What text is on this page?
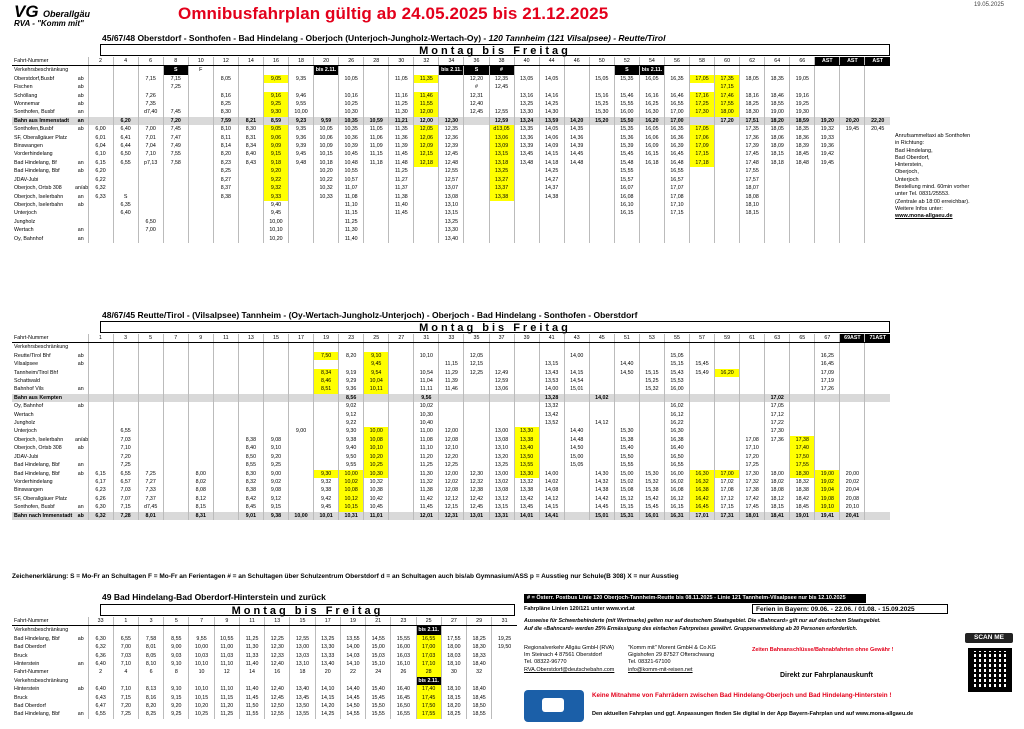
VG Oberallgäu
RVA - "Komm mit"
Omnibusfahrplan gültig ab 24.05.2025 bis 21.12.2025	19.05.2025
45/67/48 Oberstdorf - Sonthofen - Bad Hindelang - Oberjoch (Unterjoch-Jungholz-Wertach-Oy) - 120 Tannheim (121 Vilsalpsee) - Reutte/Tirol
Montag bis Freitag
Fahrt-Nummer		2	4	6	8	10	12	14	16	18	20	26	28	30	32	34	36	38	40	44	46	50	52	54	56	58	60	62	64	66	AST	AST	AST
Verkehrsbeschränkung					S	F					bis 2.11.					bis 2.11.	S	#					S	bis 2.11.									
Oberstdorf,Busbf	ab			7,15	7,15		8,05		9,05	9,35		10,05		11,05	11,35		12,20	12,35	13,05	14,05		15,05	15,35	16,05	16,35	17,05	17,35	18,05	18,35	19,05			
Fischen	ab				7,25												#	12,45									17,15						
Schöllang	ab			7,26			8,16		9,16	9,46		10,16		11,16	11,46		12,31		13,16	14,16		15,16	15,46	16,16	16,46	17,16	17,46	18,16	18,46	19,16			
Wonnemar	ab			7,35			8,25		9,25	9,55		10,25		11,25	11,55		12,40		13,25	14,25		15,25	15,55	16,25	16,55	17,25	17,55	18,25	18,55	19,25			
Sonthofen, Busbf	an			d7,40	7,45		8,30		9,30	10,00		10,30		11,30	12,00		12,45	12,55	13,30	14,30		15,30	16,00	16,30	17,00	17,30	18,00	18,30	19,00	19,30			
Bahn aus Immenstadt	an		6,20		7,20		7,59	8,21	8,59	9,23	9,59	10,35	10,59	11,21	12,00	12,30		12,59	13,24	13,59	14,20	15,20	15,50	16,20	17,00		17,20	17,51	18,20	18,59	19,20	20,20	22,20
Sonthofen,Busbf	ab	6,00	6,40	7,00	7,45		8,10	8,30	9,05	9,35	10,05	10,35	11,05	11,35	12,05	12,35		d13,05	13,35	14,05	14,35		15,35	16,05	16,35	17,05		17,35	18,05	18,35	19,32	19,45	20,45
SF, Oberallgäuer Platz		6,01	6,41	7,01	7,47		8,11	8,31	9,06	9,36	10,06	10,36	11,06	11,36	12,06	12,36		13,06	13,36	14,06	14,36		15,36	16,06	16,36	17,06		17,36	18,06	18,36	19,33		
Binswangen		6,04	6,44	7,04	7,49		8,14	8,34	9,09	9,39	10,09	10,39	11,09	11,39	12,09	12,39		13,09	13,39	14,09	14,39		15,39	16,09	16,39	17,09		17,39	18,09	18,39	19,36		
Vorderhindelang		6,10	6,50	7,10	7,55		8,20	8,40	9,15	9,45	10,15	10,45	11,15	11,45	12,15	12,45		13,15	13,45	14,15	14,45		15,45	16,15	16,45	17,15		17,45	18,15	18,45	19,42		
Bad Hindelang, Bf	an	6,15	6,55	p7,13	7,58		8,23	8,43	9,18	9,48	10,18	10,48	11,18	11,48	12,18	12,48		13,18	13,48	14,18	14,48		15,48	16,18	16,48	17,18		17,48	18,18	18,48	19,45		
Bad Hindelang, Bbf	ab	6,20					8,25		9,20		10,20	10,55		11,25		12,55		13,25		14,25			15,55		16,55			17,55					
JDAV-Jubi		6,22					8,27		9,22		10,22	10,57		11,27		12,57		13,27		14,27			15,57		16,57			17,57					
Oberjoch, Ortsb 308	an/ab	6,32					8,37		9,32		10,32	11,07		11,37		13,07		13,37		14,37			16,07		17,07			18,07					
Oberjoch, Iselerbahn	an	6,33	S				8,38		9,33		10,33	11,08		11,38		13,08		13,38		14,38			16,08		17,08			18,08					
Oberjoch, Iselerbahn	ab		6,35						9,40			11,10		11,40		13,10							16,10		17,10			18,10					
Unterjoch			6,40						9,45			11,15		11,45		13,15							16,15		17,15			18,15					
Jungholz				6,50					10,00			11,25				13,25																	
Wertach	an			7,00					10,10			11,30				13,30																	
Oy, Bahnhof	an								10,20			11,40				13,40																	
48/67/45 Reutte/Tirol - (Vilsalpsee) Tannheim - (Oy-Wertach-Jungholz-Unterjoch) - Oberjoch - Bad Hindelang - Sonthofen - Oberstdorf
Montag bis Freitag
Fahrt-Nummer		1	3	5	7	9	11	13	15	17	19	23	25	27	31	33	35	37	39	41	43	45	51	53	55	57	59	61	63	65	67	69AST	71AST
Verkehrsbeschränkung																																	
Reutte/Tirol Bhf	ab										7,50	8,20	9,10		10,10		12,05				14,00				15,05						16,25		
Vilsalpsee	ab												9,45			11,15	12,15			13,15			14,40		15,15	15,45					16,45		
Tannheim/Tirol Bhf											8,34	9,19	9,54		10,54	11,29	12,25	12,49		13,43	14,15		14,50	15,15	15,43	15,49	16,20				17,09		
Schattwald											8,46	9,29	10,04		11,04	11,39		12,59		13,53	14,54			15,25	15,53						17,19		
Bahnhof Vils	an										8,51	9,36	10,11		11,11	11,46		13,06		14,00	15,01			15,32	16,00						17,26		
Bahn aus Kempten												8,56			9,56					13,28		14,02							17,02				
Oy, Bahnhof	ab											9,02			10,02					13,32					16,02				17,05				
Wertach												9,12			10,30					13,42					16,12				17,12				
Jungholz												9,22			10,40					13,52		14,12			16,22				17,22				
Unterjoch			6,55							9,00		9,30	10,00		11,00	12,00		13,00	13,30		14,40		15,30		16,30				17,30				
Oberjoch, Iselerbahn	an/ab		7,03					8,38	9,08			9,38	10,08		11,08	12,08		13,08	13,38		14,48		15,38		16,38			17,08	17,36	17,38			
Oberjoch, Ortsb 308	ab		7,10					8,40	9,10			9,40	10,10		11,10	12,10		13,10	13,40		14,50		15,40		16,40			17,10		17,40			
JDAV-Jubi			7,20					8,50	9,20			9,50	10,20		11,20	12,20		13,20	13,50		15,00		15,50		16,50			17,20		17,50			
Bad Hindelang, Bbf	an		7,25					8,55	9,25			9,55	10,25		11,25	12,25		13,25	13,55		15,05		15,55		16,55			17,25		17,55			
Bad Hindelang, Bbf	ab	6,15	6,55	7,25		8,00		8,30	9,00		9,30	10,00	10,30		11,30	12,00	12,30	13,00	13,30	14,00		14,30	15,00	15,30	16,00	16,30	17,00	17,30	18,00	18,30	19,00	20,00	
Vorderhindelang		6,17	6,57	7,27		8,02		8,32	9,02		9,32	10,02	10,32		11,32	12,02	12,32	13,02	13,32	14,02		14,32	15,02	15,32	16,02	16,32	17,02	17,32	18,02	18,32	19,02	20,02	
Binswangen		6,23	7,03	7,33		8,08		8,38	9,08		9,38	10,08	10,38		11,38	12,08	12,38	13,08	13,38	14,08		14,38	15,08	15,38	16,08	16,38	17,08	17,38	18,08	18,38	19,04	20,04	
SF, Oberallgäuer Platz		6,26	7,07	7,37		8,12		8,42	9,12		9,42	10,12	10,42		11,42	12,12	12,42	13,12	13,42	14,12		14,42	15,12	15,42	16,12	16,42	17,12	17,42	18,12	18,42	19,08	20,08	
Sonthofen, Busbf	an	6,30	7,15	d7,45		8,15		8,45	9,15		9,45	10,15	10,45		11,45	12,15	12,45	13,15	13,45	14,15		14,45	15,15	15,45	16,15	16,45	17,15	17,45	18,15	18,45	19,10	20,10	
Bahn nach Immenstadt	ab	6,32	7,28	8,01		8,31		9,01	9,38	10,00	10,01	10,31	11,01		12,01	12,31	13,01	13,31	14,01	14,41		15,01	15,31	16,01	16,31	17,01	17,31	18,01	18,41	19,01	19,41	20,41	
Zeichenerklärung: S = Mo-Fr an Schultagen F = Mo-Fr an Ferientagen # = an Schultagen über Schulzentrum Oberstdorf d = an Schultagen auch bis/ab Gymnasium/ASS p = Ausstieg nur Schule(B 308) X = nur Ausstieg
49 Bad Hindelang-Bad Oberdorf-Hinterstein und zurück
Montag bis Freitag
Fahrt-Nummer		33	1	3	5	7	9	11	13	15	17	19	21	23	25	27	29	31
Verkehrsbeschränkung															bis 2.11.			
Bad Hindelang, Bbf	ab	6,30	6,55	7,58	8,55	9,55	10,55	11,25	12,25	12,55	13,25	13,55	14,55	15,55	16,55	17,55	18,25	19,25
Bad Oberdorf		6,32	7,00	8,01	9,00	10,00	11,00	11,30	12,30	13,00	13,30	14,00	15,00	16,00	17,00	18,00	18,30	19,50
Bruck		6,36	7,03	8,05	9,03	10,03	11,03	11,33	12,33	13,03	13,33	14,03	15,03	16,03	17,03	18,03	18,33	
Hinterstein	an	6,40	7,10	8,10	9,10	10,10	11,10	11,40	12,40	13,10	13,40	14,10	15,10	16,10	17,10	18,10	18,40	
Fahrt-Nummer		2	4	6	8	10	12	14	16	18	20	22	24	26	28	30	32	
Verkehrsbeschränkung															bis 2.11.			
Hinterstein	ab	6,40	7,10	8,13	9,10	10,10	11,10	11,40	12,40	13,40	14,10	14,40	15,40	16,40	17,40	18,10	18,40	
Bruck		6,43	7,15	8,16	9,15	10,15	11,15	11,45	12,45	13,45	14,15	14,45	15,45	16,45	17,45	18,15	18,45	
Bad Oberdorf		6,47	7,20	8,20	9,20	10,20	11,20	11,50	12,50	13,50	14,20	14,50	15,50	16,50	17,50	18,20	18,50	
Bad Hindelang, Bbf	an	6,55	7,25	8,25	9,25	10,25	11,25	11,55	12,55	13,55	14,25	14,55	15,55	16,55	17,55	18,25	18,55	
Anrufsammeltaxi ab Sonthofen
in Richtung:
Bad Hindelang,
Bad Oberdorf,
Hinterstein,
Oberjoch,
Unterjoch
Bestellung mind. 60min vorher
unter Tel. 0831/25553.
(Zentrale ab 18:00 erreichbar).
Weitere Infos unter:
www.mona-allgaeu.de
# = Österr. Postbus Linie 120 Oberjoch-Tannheim-Reutte bis 08.11.2025 - Linie 121 Tannheim-Vilsalpsee nur bis 12.10.2025
Fahrpläne Linien 120/121 unter www.vvt.at	Ferien in Bayern: 09.06. - 22.06. / 01.08. - 15.09.2025
Ausweise für Schwerbehinderte (mit Wertmarke) gelten nur auf deutschem Staatsgebiet. Die «Bahncard» gilt nur auf deutschem Staatsgebiet.
Auf die «Bahncard» werden 25% Ermässigung des einfachen Fahrpreises gewährt. Gruppenanmeldung ab 20 Personen erforderlich.
Regionalverkehr Allgäu GmbH (RVA)
Im Steinach 4 87561 Oberstdorf
Tel. 08322-96770
RVA.Oberstdorf@deutschebahn.com
"Komm mit" Morent GmbH & Co.KG
Gigishofen 29 87527 Ofterschwang
Tel. 08321-67100
info@komm-mit-reisen.net
Zeiten Bahnanschlüsse/Bahnabfahrten ohne Gewähr !
Direkt zur Fahrplanauskunft
SCAN ME
Keine Mitnahme von Fahrrädern zwischen Bad Hindelang-Oberjoch und Bad Hindelang-Hinterstein !
Den aktuellen Fahrplan und ggf. Anpassungen finden Sie digital in der App Bayern-Fahrplan und auf www.mona-allgaeu.de
